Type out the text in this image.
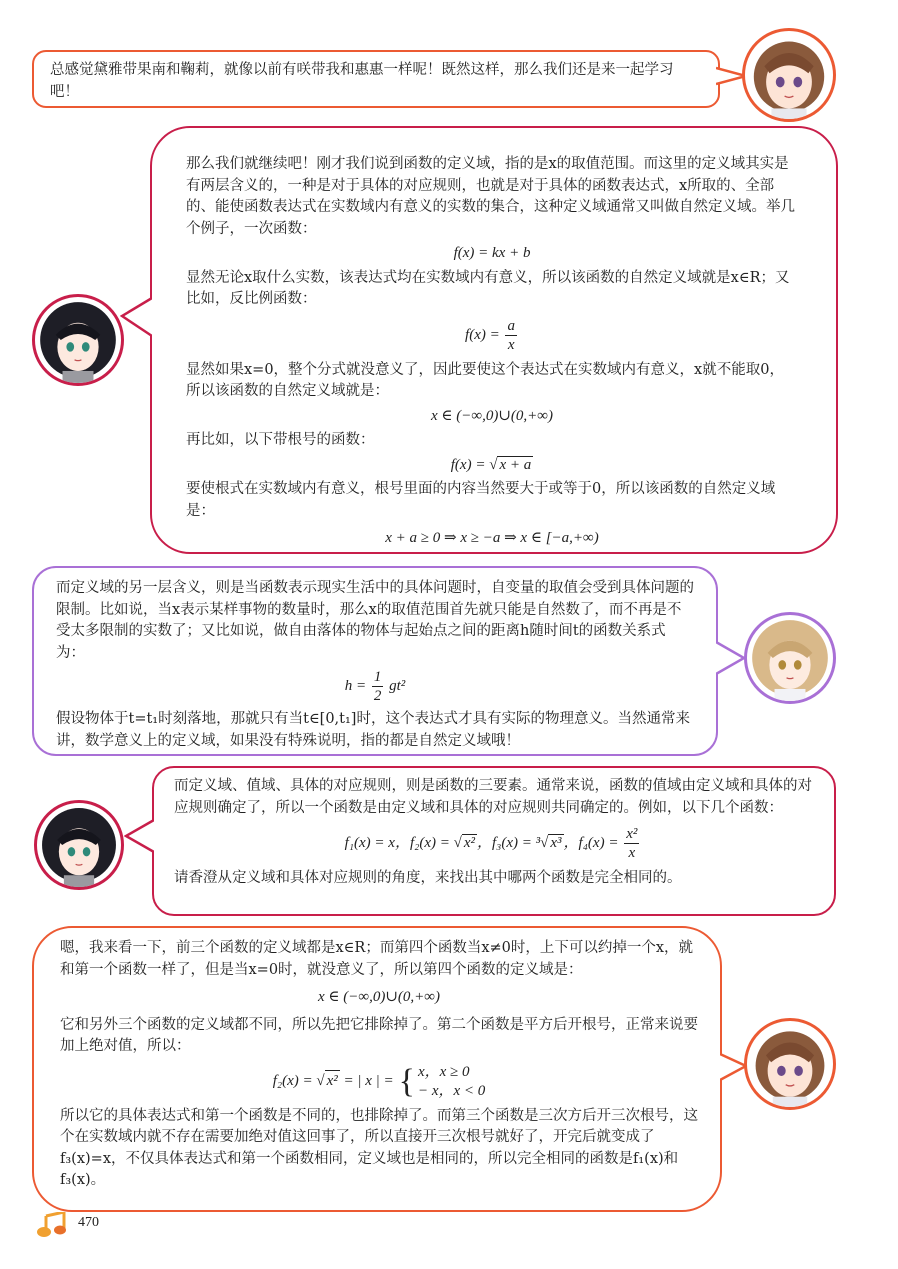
总感觉黛雅带果南和鞠莉，就像以前有咲带我和惠惠一样呢！既然这样，那么我们还是来一起学习吧！

那么我们就继续吧！刚才我们说到函数的定义域，指的是x的取值范围。而这里的定义域其实是有两层含义的，一种是对于具体的对应规则，也就是对于具体的函数表达式，x所取的、全部的、能使函数表达式在实数域内有意义的实数的集合，这种定义域通常又叫做自然定义域。举几个例子，一次函数：

f(x) = kx + b

显然无论x取什么实数，该表达式均在实数域内有意义，所以该函数的自然定义域就是x∈R；又比如，反比例函数：

$f(x) = \frac{a}{x}$

显然如果x=0，整个分式就没意义了，因此要使这个表达式在实数域内有意义，x就不能取0，所以该函数的自然定义域就是：

x ∈ (−∞,0)∪(0,+∞)

再比如，以下带根号的函数：

f(x) = √ x + a

要使根式在实数域内有意义，根号里面的内容当然要大于或等于0，所以该函数的自然定义域是：

x + a ≥ 0 ⇒ x ≥ −a ⇒ x ∈ [−a,+∞)

而定义域的另一层含义，则是当函数表示现实生活中的具体问题时，自变量的取值会受到具体问题的限制。比如说，当x表示某样事物的数量时，那么x的取值范围首先就只能是自然数了，而不再是不受太多限制的实数了；又比如说，做自由落体的物体与起始点之间的距离h随时间t的函数关系式为：

$h = \frac{1}{2} gt^2$

假设物体于t=t₁时刻落地，那就只有当t∈[0,t₁]时，这个表达式才具有实际的物理意义。当然通常来讲，数学意义上的定义域，如果没有特殊说明，指的都是自然定义域哦！

而定义域、值域、具体的对应规则，则是函数的三要素。通常来说，函数的值域由定义域和具体的对应规则确定了，所以一个函数是由定义域和具体的对应规则共同确定的。例如，以下几个函数：

f₁(x) = x，f₂(x) = √ x² ，f₃(x) = ³√ x³ ，$f_4(x) = \frac{\text{x²}}{x}$

请香澄从定义域和具体对应规则的角度，来找出其中哪两个函数是完全相同的。

嗯，我来看一下，前三个函数的定义域都是x∈R；而第四个函数当x≠0时，上下可以约掉一个x，就和第一个函数一样了，但是当x=0时，就没意义了，所以第四个函数的定义域是：

x ∈ (−∞,0)∪(0,+∞)

它和另外三个函数的定义域都不同，所以先把它排除掉了。第二个函数是平方后开根号，正常来说要加上绝对值，所以：

f₂(x) = √ x² = | x | = { x，x ≥ 0
− x，x < 0

所以它的具体表达式和第一个函数是不同的，也排除掉了。而第三个函数是三次方后开三次根号，这个在实数域内就不存在需要加绝对值这回事了，所以直接开三次根号就好了，开完后就变成了f₃(x)=x，不仅具体表达式和第一个函数相同，定义域也是相同的，所以完全相同的函数是f₁(x)和f₃(x)。

470
